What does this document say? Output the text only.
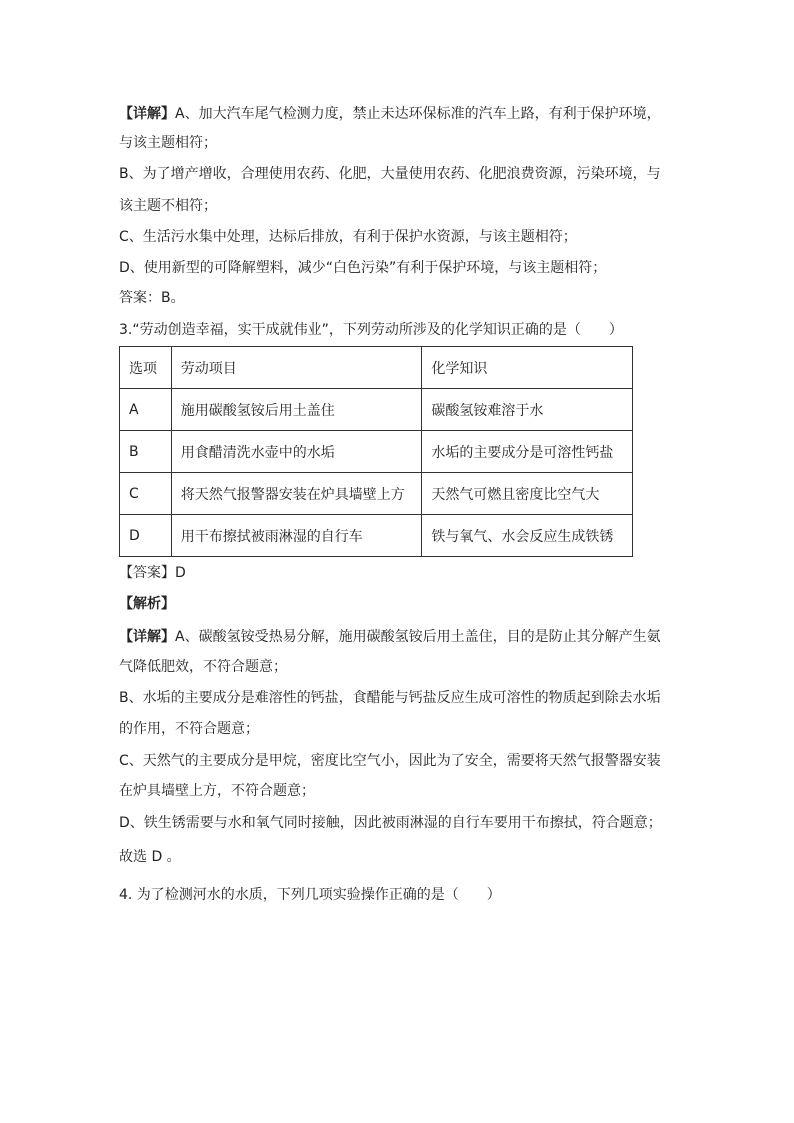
【详解】A、加大汽车尾气检测力度，禁止未达环保标准的汽车上路，有利于保护环境，
与该主题相符；
B、为了增产增收，合理使用农药、化肥，大量使用农药、化肥浪费资源，污染环境，与
该主题不相符；
C、生活污水集中处理，达标后排放，有利于保护水资源，与该主题相符；
D、使用新型的可降解塑料，减少“白色污染”有利于保护环境，与该主题相符；
答案：B。
3.“劳动创造幸福，实干成就伟业”，下列劳动所涉及的化学知识正确的是（　　）
选项	劳动项目	化学知识
A	施用碳酸氢铵后用土盖住	碳酸氢铵难溶于水
B	用食醋清洗水壶中的水垢	水垢的主要成分是可溶性钙盐
C	将天然气报警器安装在炉具墙壁上方	天然气可燃且密度比空气大
D	用干布擦拭被雨淋湿的自行车	铁与氧气、水会反应生成铁锈
【答案】D
【解析】
【详解】A、碳酸氢铵受热易分解，施用碳酸氢铵后用土盖住，目的是防止其分解产生氨
气降低肥效，不符合题意；
B、水垢的主要成分是难溶性的钙盐，食醋能与钙盐反应生成可溶性的物质起到除去水垢
的作用，不符合题意；
C、天然气的主要成分是甲烷，密度比空气小，因此为了安全，需要将天然气报警器安装
在炉具墙壁上方，不符合题意；
D、铁生锈需要与水和氧气同时接触，因此被雨淋湿的自行车要用干布擦拭，符合题意；
故选 D 。
4. 为了检测河水的水质，下列几项实验操作正确的是（　　）
